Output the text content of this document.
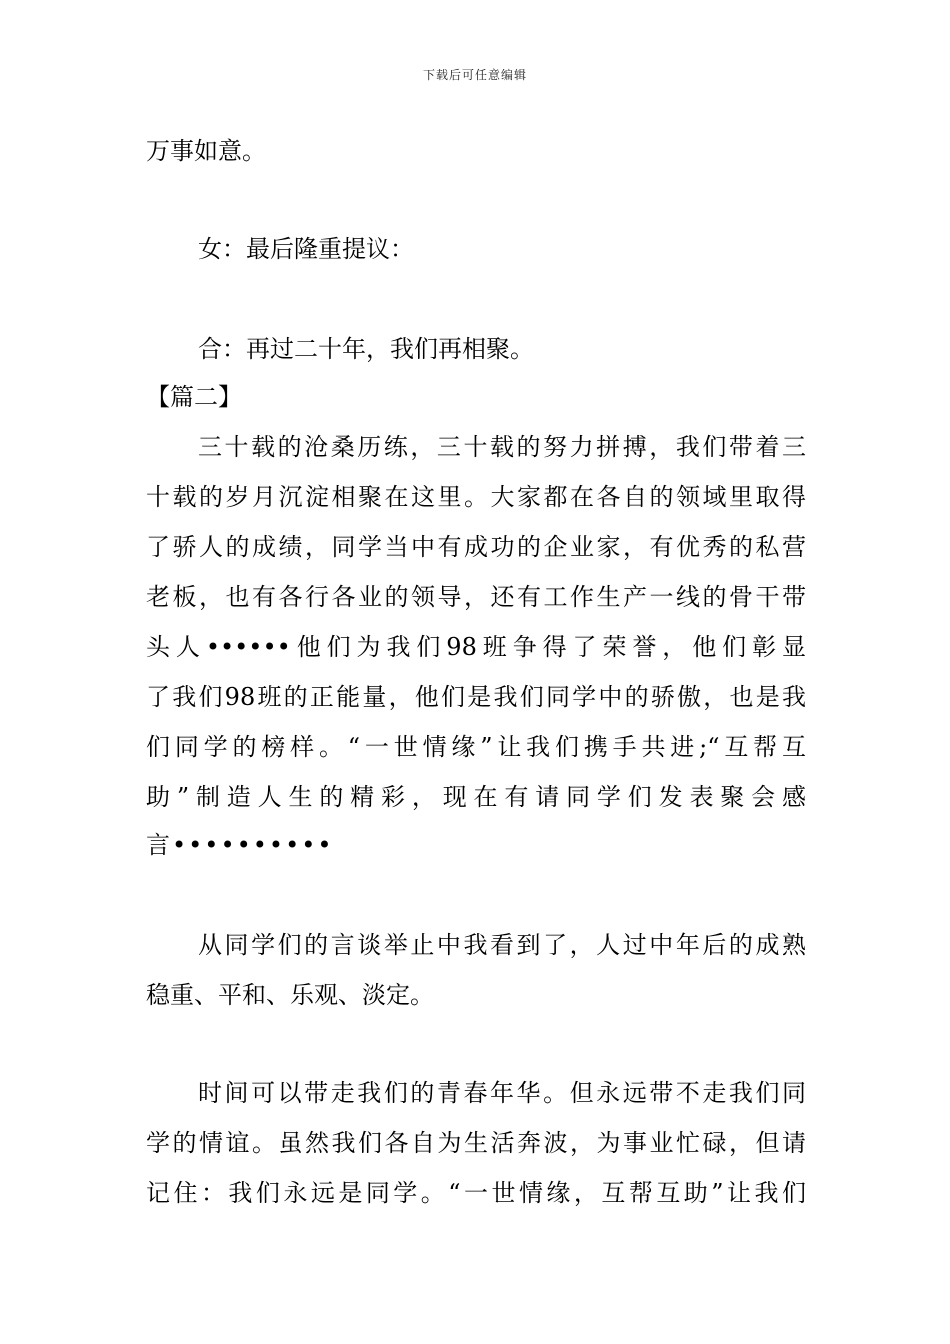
下载后可任意编辑
万事如意。
女：最后隆重提议：
合：再过二十年，我们再相聚。
【篇二】
三十载的沧桑历练，三十载的努力拼搏，我们带着三
十载的岁月沉淀相聚在这里。大家都在各自的领域里取得
了骄人的成绩，同学当中有成功的企业家，有优秀的私营
老板，也有各行各业的领导，还有工作生产一线的骨干带
头人••••••他们为我们98班争得了荣誉，他们彰显
了我们98班的正能量，他们是我们同学中的骄傲，也是我
们同学的榜样。“一世情缘”让我们携手共进;“互帮互
助”制造人生的精彩，现在有请同学们发表聚会感
言••••••••••
从同学们的言谈举止中我看到了，人过中年后的成熟
稳重、平和、乐观、淡定。
时间可以带走我们的青春年华。但永远带不走我们同
学的情谊。虽然我们各自为生活奔波，为事业忙碌，但请
记住：我们永远是同学。“一世情缘，互帮互助”让我们
